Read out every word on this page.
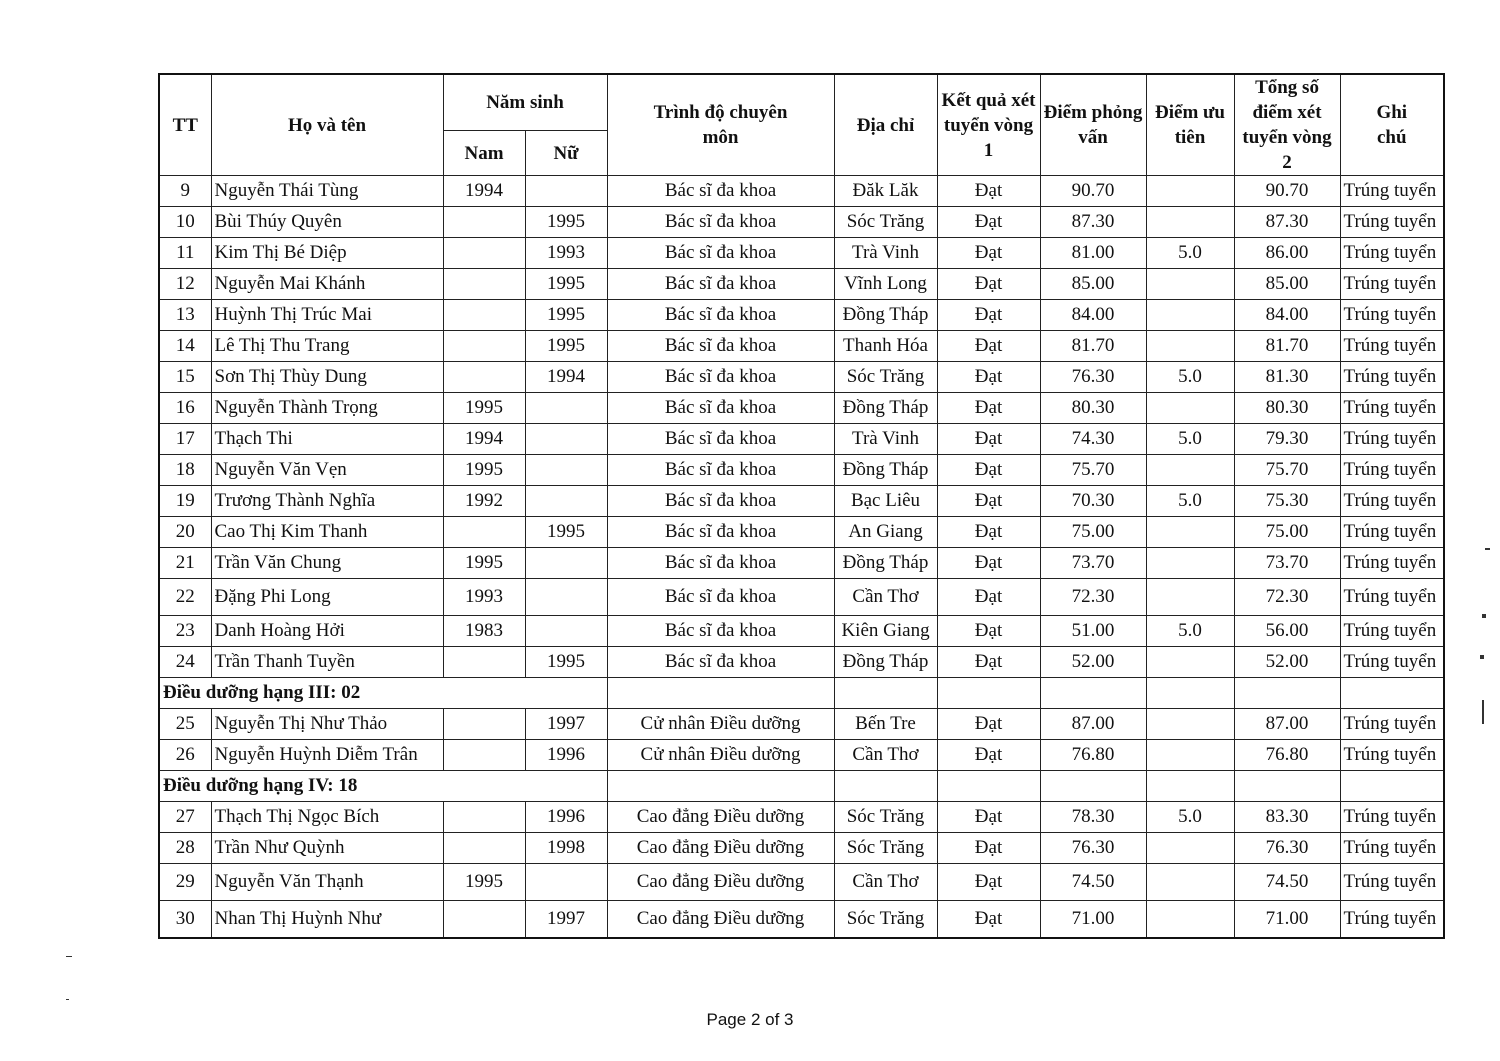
TT	Họ và tên	Năm sinh		Trình độ chuyên môn	Địa chỉ	Kết quả xét tuyển vòng 1	Điểm phỏng vấn	Điểm ưu tiên	Tổng số điểm xét tuyển vòng 2	Ghi chú
		Nam	Nữ							
9	Nguyễn Thái Tùng	1994		Bác sĩ đa khoa	Đăk Lăk	Đạt	90.70		90.70	Trúng tuyển
10	Bùi Thúy Quyên		1995	Bác sĩ đa khoa	Sóc Trăng	Đạt	87.30		87.30	Trúng tuyển
11	Kim Thị Bé Diệp		1993	Bác sĩ đa khoa	Trà Vinh	Đạt	81.00	5.0	86.00	Trúng tuyển
12	Nguyễn Mai Khánh		1995	Bác sĩ đa khoa	Vĩnh Long	Đạt	85.00		85.00	Trúng tuyển
13	Huỳnh Thị Trúc Mai		1995	Bác sĩ đa khoa	Đồng Tháp	Đạt	84.00		84.00	Trúng tuyển
14	Lê Thị Thu Trang		1995	Bác sĩ đa khoa	Thanh Hóa	Đạt	81.70		81.70	Trúng tuyển
15	Sơn Thị Thùy Dung		1994	Bác sĩ đa khoa	Sóc Trăng	Đạt	76.30	5.0	81.30	Trúng tuyển
16	Nguyễn Thành Trọng	1995		Bác sĩ đa khoa	Đồng Tháp	Đạt	80.30		80.30	Trúng tuyển
17	Thạch Thi	1994		Bác sĩ đa khoa	Trà Vinh	Đạt	74.30	5.0	79.30	Trúng tuyển
18	Nguyễn Văn Vẹn	1995		Bác sĩ đa khoa	Đồng Tháp	Đạt	75.70		75.70	Trúng tuyển
19	Trương Thành Nghĩa	1992		Bác sĩ đa khoa	Bạc Liêu	Đạt	70.30	5.0	75.30	Trúng tuyển
20	Cao Thị Kim Thanh		1995	Bác sĩ đa khoa	An Giang	Đạt	75.00		75.00	Trúng tuyển
21	Trần Văn Chung	1995		Bác sĩ đa khoa	Đồng Tháp	Đạt	73.70		73.70	Trúng tuyển
22	Đặng Phi Long	1993		Bác sĩ đa khoa	Cần Thơ	Đạt	72.30		72.30	Trúng tuyển
23	Danh Hoàng Hởi	1983		Bác sĩ đa khoa	Kiên Giang	Đạt	51.00	5.0	56.00	Trúng tuyển
24	Trần Thanh Tuyền		1995	Bác sĩ đa khoa	Đồng Tháp	Đạt	52.00		52.00	Trúng tuyển
Điều dưỡng hạng III: 02										
25	Nguyễn Thị Như Thảo		1997	Cử nhân Điều dưỡng	Bến Tre	Đạt	87.00		87.00	Trúng tuyển
26	Nguyễn Huỳnh Diễm Trân		1996	Cử nhân Điều dưỡng	Cần Thơ	Đạt	76.80		76.80	Trúng tuyển
Điều dưỡng hạng IV: 18										
27	Thạch Thị Ngọc Bích		1996	Cao đẳng Điều dưỡng	Sóc Trăng	Đạt	78.30	5.0	83.30	Trúng tuyển
28	Trần Như Quỳnh		1998	Cao đẳng Điều dưỡng	Sóc Trăng	Đạt	76.30		76.30	Trúng tuyển
29	Nguyễn Văn Thạnh	1995		Cao đẳng Điều dưỡng	Cần Thơ	Đạt	74.50		74.50	Trúng tuyển
30	Nhan Thị Huỳnh Như		1997	Cao đẳng Điều dưỡng	Sóc Trăng	Đạt	71.00		71.00	Trúng tuyển
Page 2 of 3
